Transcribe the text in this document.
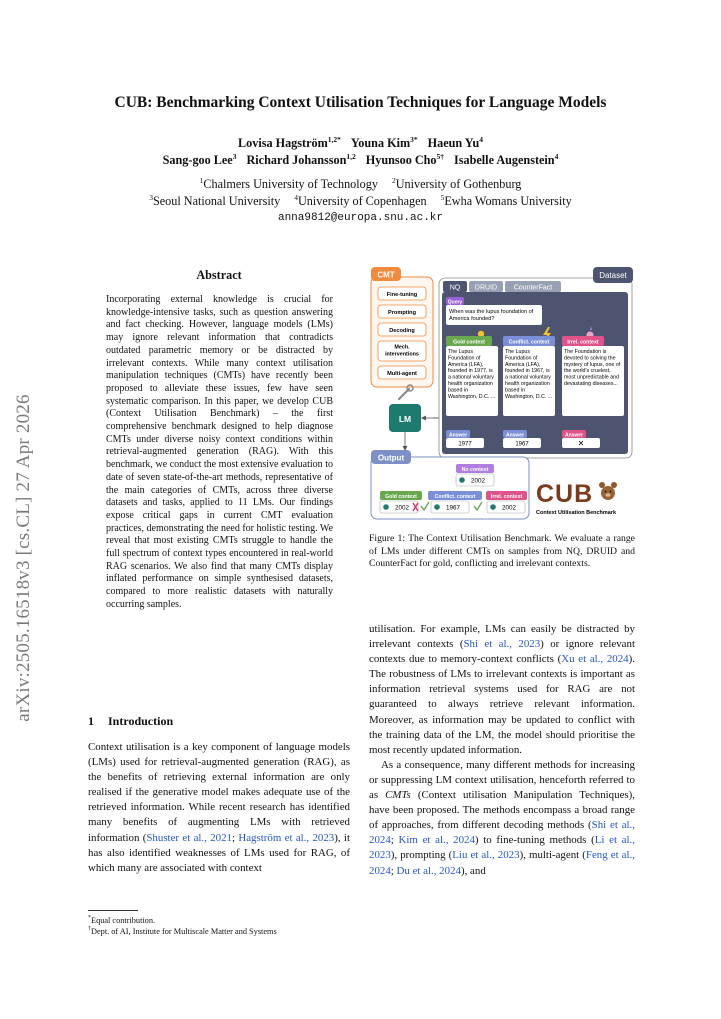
arXiv:2505.16518v3 [cs.CL] 27 Apr 2026
CUB: Benchmarking Context Utilisation Techniques for Language Models
Lovisa Hagström$^{1,2*}$ Youna Kim$^{3*}$ Haeun Yu$^4$
Sang-goo Lee$^3$ Richard Johansson$^{1,2}$ Hyunsoo Cho$^{5\dagger}$ Isabelle Augenstein$^4$
$^1$Chalmers University of Technology $^2$University of Gothenburg
$^3$Seoul National University $^4$University of Copenhagen $^5$Ewha Womans University
anna9812@europa.snu.ac.kr
Abstract
Incorporating external knowledge is crucial for knowledge-intensive tasks, such as question answering and fact checking. However, language models (LMs) may ignore relevant information that contradicts outdated parametric memory or be distracted by irrelevant contexts. While many context utilisation manipulation techniques (CMTs) have recently been proposed to alleviate these issues, few have seen systematic comparison. In this paper, we develop CUB (Context Utilisation Benchmark) – the first comprehensive benchmark designed to help diagnose CMTs under diverse noisy context conditions within retrieval-augmented generation (RAG). With this benchmark, we conduct the most extensive evaluation to date of seven state-of-the-art methods, representative of the main categories of CMTs, across three diverse datasets and tasks, applied to 11 LMs. Our findings expose critical gaps in current CMT evaluation practices, demonstrating the need for holistic testing. We reveal that most existing CMTs struggle to handle the full spectrum of context types encountered in real-world RAG scenarios. We also find that many CMTs display inflated performance on simple synthesised datasets, compared to more realistic datasets with naturally occurring samples.
1 Introduction
Context utilisation is a key component of language models (LMs) used for retrieval-augmented generation (RAG), as the benefits of retrieving external information are only realised if the generative model makes adequate use of the retrieved information. While recent research has identified many benefits of augmenting LMs with retrieved information (Shuster et al., 2021; Hagström et al., 2023), it has also identified weaknesses of LMs used for RAG, of which many are associated with context
*Equal contribution.
†Dept. of AI, Institute for Multiscale Matter and Systems

utilisation. For example, LMs can easily be distracted by irrelevant contexts (Shi et al., 2023) or ignore relevant contexts due to memory-context conflicts (Xu et al., 2024). The robustness of LMs to irrelevant contexts is important as information retrieval systems used for RAG are not guaranteed to always retrieve relevant information. Moreover, as information may be updated to conflict with the training data of the LM, the model should prioritise the most recently updated information.

As a consequence, many different methods for increasing or suppressing LM context utilisation, henceforth referred to as CMTs (Context utilisation Manipulation Techniques), have been proposed. The methods encompass a broad range of approaches, from different decoding methods (Shi et al., 2024; Kim et al., 2024) to fine-tuning methods (Li et al., 2023), prompting (Liu et al., 2023), multi-agent (Feng et al., 2024; Du et al., 2024), and

CMT
Fine-tuning
Prompting
Decoding
Mech. interventions
Multi-agent
LM
Dataset
NQ DRUID CounterFact
Query
When was the lupus foundation of America founded?
Gold context
The Lupus Foundation of America (LFA), founded in 1977, is a national voluntary health organization based in Washington, D.C. ...
Answer
1977
Conflict. context
The Lupus Foundation of America (LFA), founded in 1967, is a national voluntary health organization based in Washington, D.C. ...
Answer
1967
Irrel. context
The Foundation is devoted to solving the mystery of lupus, one of the world's cruelest, most unpredictable and devastating diseases...
Answer
✕
Output
No context
2002
Gold context
2002
Conflict. context
1967
Irrel. context
2002 CUB
Context Utilisation Benchmark
Figure 1: The Context Utilisation Benchmark. We evaluate a range of LMs under different CMTs on samples from NQ, DRUID and CounterFact for gold, conflicting and irrelevant contexts.
